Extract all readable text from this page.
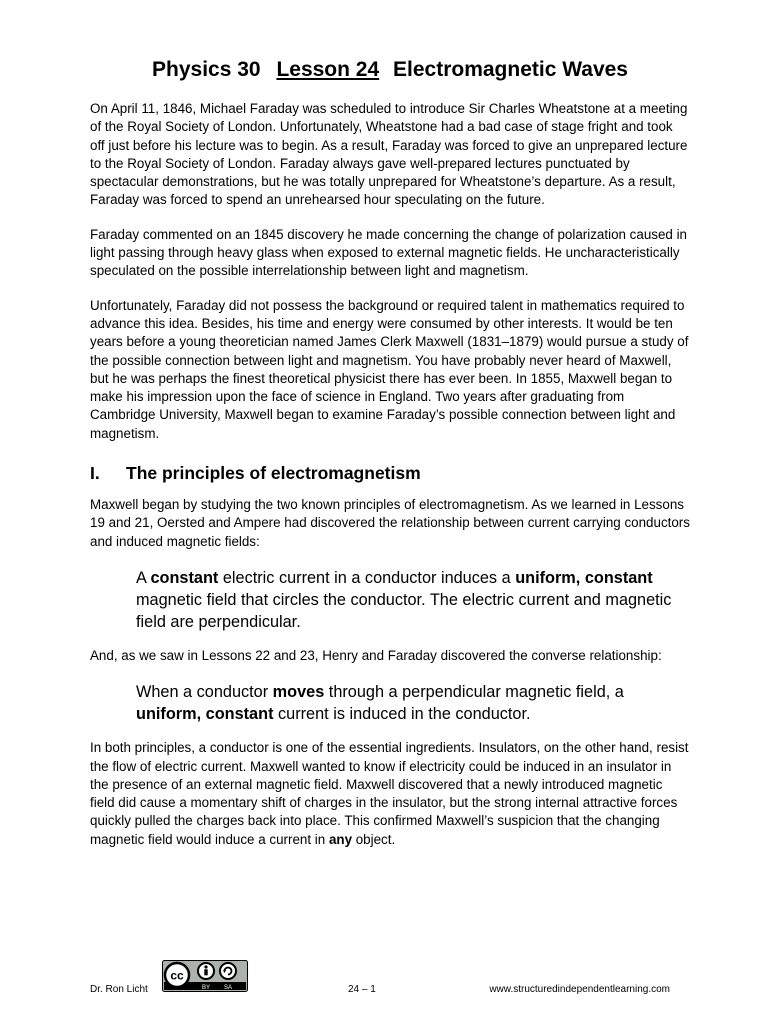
Physics 30 Lesson 24 Electromagnetic Waves

On April 11, 1846, Michael Faraday was scheduled to introduce Sir Charles Wheatstone at a meeting of the Royal Society of London. Unfortunately, Wheatstone had a bad case of stage fright and took off just before his lecture was to begin. As a result, Faraday was forced to give an unprepared lecture to the Royal Society of London. Faraday always gave well-prepared lectures punctuated by spectacular demonstrations, but he was totally unprepared for Wheatstone’s departure. As a result, Faraday was forced to spend an unrehearsed hour speculating on the future.

Faraday commented on an 1845 discovery he made concerning the change of polarization caused in light passing through heavy glass when exposed to external magnetic fields. He uncharacteristically speculated on the possible interrelationship between light and magnetism.

Unfortunately, Faraday did not possess the background or required talent in mathematics required to advance this idea. Besides, his time and energy were consumed by other interests. It would be ten years before a young theoretician named James Clerk Maxwell (1831–1879) would pursue a study of the possible connection between light and magnetism. You have probably never heard of Maxwell, but he was perhaps the finest theoretical physicist there has ever been. In 1855, Maxwell began to make his impression upon the face of science in England. Two years after graduating from Cambridge University, Maxwell began to examine Faraday’s possible connection between light and magnetism.

I. The principles of electromagnetism

Maxwell began by studying the two known principles of electromagnetism. As we learned in Lessons 19 and 21, Oersted and Ampere had discovered the relationship between current carrying conductors and induced magnetic fields:

A constant electric current in a conductor induces a uniform, constant magnetic field that circles the conductor. The electric current and magnetic field are perpendicular.

And, as we saw in Lessons 22 and 23, Henry and Faraday discovered the converse relationship:

When a conductor moves through a perpendicular magnetic field, a uniform, constant current is induced in the conductor.

In both principles, a conductor is one of the essential ingredients. Insulators, on the other hand, resist the flow of electric current. Maxwell wanted to know if electricity could be induced in an insulator in the presence of an external magnetic field. Maxwell discovered that a newly introduced magnetic field did cause a momentary shift of charges in the insulator, but the strong internal attractive forces quickly pulled the charges back into place. This confirmed Maxwell’s suspicion that the changing magnetic field would induce a current in any object.

Dr. Ron Licht
cc
BY SA	24 – 1	www.structuredindependentlearning.com
